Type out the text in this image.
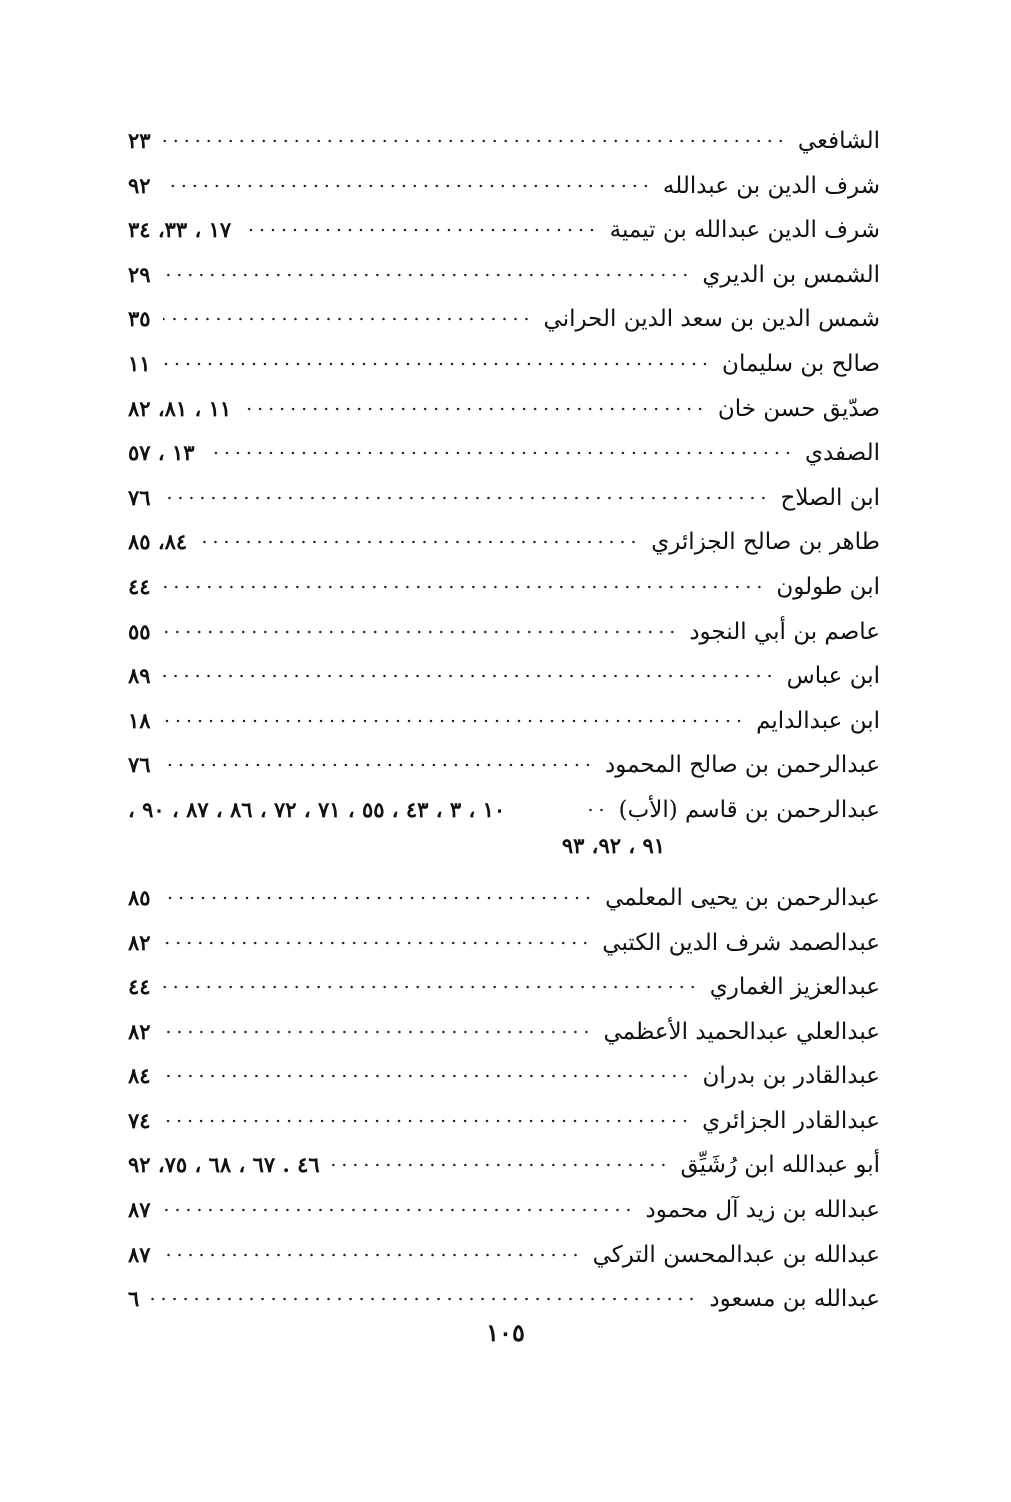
الشافعي
٢٣
شرف الدين بن عبدالله
٩٢
شرف الدين عبدالله بن تيمية
١٧ ، ٣٣، ٣٤
الشمس بن الديري
٢٩
شمس الدين بن سعد الدين الحراني
٣٥
صالح بن سليمان
١١
صدّيق حسن خان
١١ ، ٨١، ٨٢
الصفدي
١٣ ، ٥٧
ابن الصلاح
٧٦
طاهر بن صالح الجزائري
٨٤، ٨٥
ابن طولون
٤٤
عاصم بن أبي النجود
٥٥
ابن عباس
٨٩
ابن عبدالدايم
١٨
عبدالرحمن بن صالح المحمود
٧٦
عبدالرحمن بن قاسم (الأب)
١٠ ، ٣ ، ٤٣ ، ٥٥ ، ٧١ ، ٧٢ ، ٨٦ ، ٨٧ ، ٩٠ ،
٩١ ، ٩٢، ٩٣
عبدالرحمن بن يحيى المعلمي
٨٥
عبدالصمد شرف الدين الكتبي
٨٢
عبدالعزيز الغماري
٤٤
عبدالعلي عبدالحميد الأعظمي
٨٢
عبدالقادر بن بدران
٨٤
عبدالقادر الجزائري
٧٤
أبو عبدالله ابن رُشَيِّق
٤٦ . ٦٧ ، ٦٨ ، ٧٥، ٩٢
عبدالله بن زيد آل محمود
٨٧
عبدالله بن عبدالمحسن التركي
٨٧
عبدالله بن مسعود
٦
١٠٥
